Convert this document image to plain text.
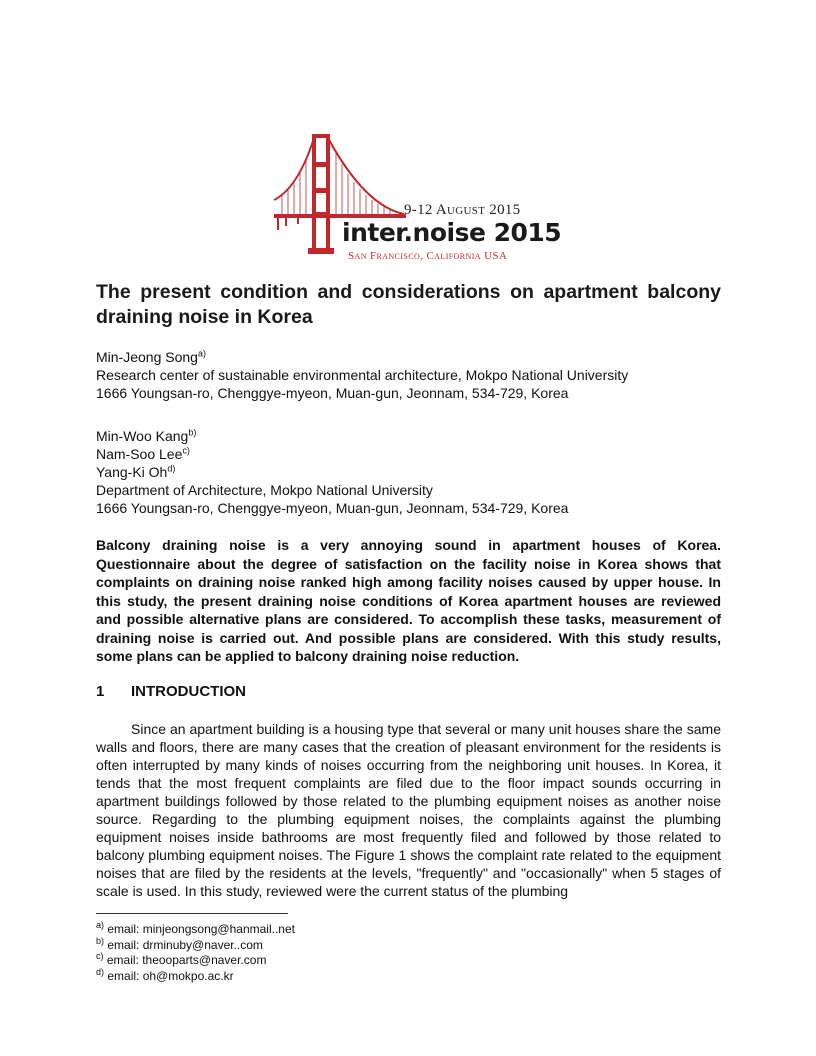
9-12 August 2015
inter.noise 2015
San Francisco, California USA
The present condition and considerations on apartment balcony draining noise in Korea

Min-Jeong Song$^{a)}$

Research center of sustainable environmental architecture, Mokpo National University

1666 Youngsan-ro, Chenggye-myeon, Muan-gun, Jeonnam, 534-729, Korea

Min-Woo Kang$^{b)}$

Nam-Soo Lee$^{c)}$

Yang-Ki Oh$^{d)}$

Department of Architecture, Mokpo National University

1666 Youngsan-ro, Chenggye-myeon, Muan-gun, Jeonnam, 534-729, Korea

Balcony draining noise is a very annoying sound in apartment houses of Korea. Questionnaire about the degree of satisfaction on the facility noise in Korea shows that complaints on draining noise ranked high among facility noises caused by upper house. In this study, the present draining noise conditions of Korea apartment houses are reviewed and possible alternative plans are considered. To accomplish these tasks, measurement of draining noise is carried out. And possible plans are considered. With this study results, some plans can be applied to balcony draining noise reduction.

1	INTRODUCTION

Since an apartment building is a housing type that several or many unit houses share the same walls and floors, there are many cases that the creation of pleasant environment for the residents is often interrupted by many kinds of noises occurring from the neighboring unit houses. In Korea, it tends that the most frequent complaints are filed due to the floor impact sounds occurring in apartment buildings followed by those related to the plumbing equipment noises as another noise source. Regarding to the plumbing equipment noises, the complaints against the plumbing equipment noises inside bathrooms are most frequently filed and followed by those related to balcony plumbing equipment noises. The Figure 1 shows the complaint rate related to the equipment noises that are filed by the residents at the levels, "frequently" and "occasionally" when 5 stages of scale is used. In this study, reviewed were the current status of the plumbing

$^{a)}$ email: minjeongsong@hanmail..net
$^{b)}$ email: drminuby@naver..com
$^{c)}$ email: theooparts@naver.com
$^{d)}$ email: oh@mokpo.ac.kr
